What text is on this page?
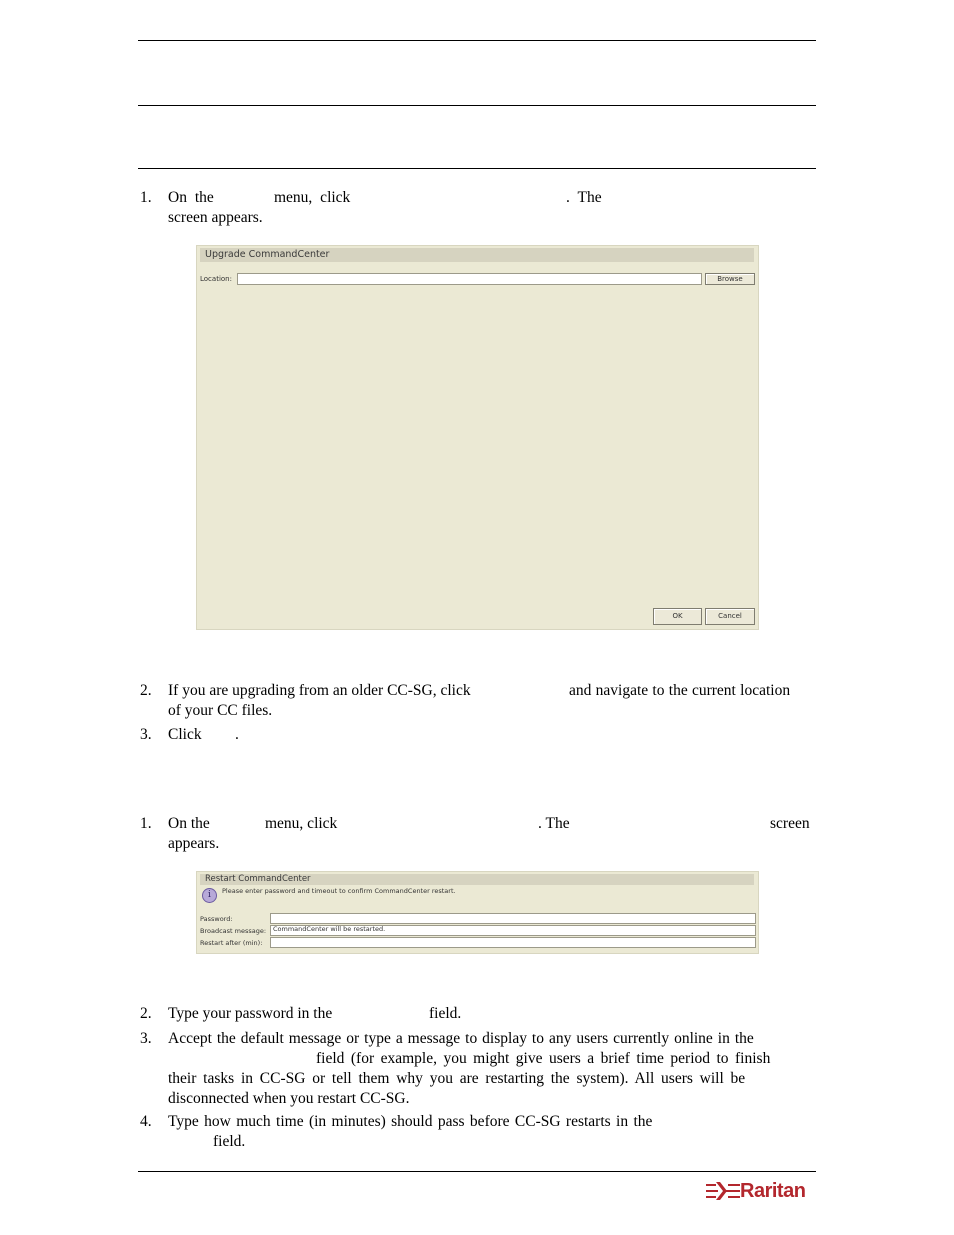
1. On the	menu, click	. The
screen appears.
Upgrade CommandCenter
Location:	Browse
OK	Cancel
2. If you are upgrading from an older CC-SG, click	and navigate to the current location
of your CC files.
3. Click .
1. On the	menu, click	. The	screen
appears.
Restart CommandCenter
i	Please enter password and timeout to confirm CommandCenter restart.
Password:
Broadcast message:	CommandCenter will be restarted.
Restart after (min):
2. Type your password in the	field.
3. Accept the default message or type a message to display to any users currently online in the
field (for example, you might give users a brief time period to finish
their tasks in CC-SG or tell them why you are restarting the system). All users will be
disconnected when you restart CC-SG.
4. Type how much time (in minutes) should pass before CC-SG restarts in the
field.
Raritan
